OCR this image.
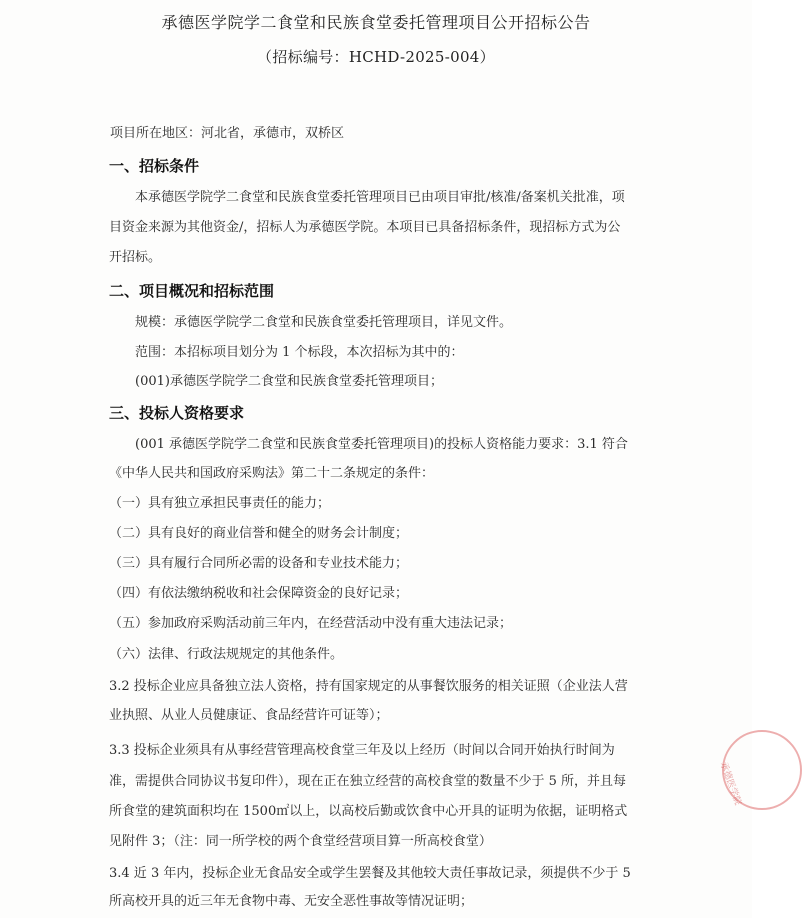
承德医学院学二食堂和民族食堂委托管理项目公开招标公告
（招标编号：HCHD-2025-004）
项目所在地区：河北省，承德市，双桥区
一、招标条件
本承德医学院学二食堂和民族食堂委托管理项目已由项目审批/核准/备案机关批准，项
目资金来源为其他资金/，招标人为承德医学院。本项目已具备招标条件，现招标方式为公
开招标。
二、项目概况和招标范围
规模：承德医学院学二食堂和民族食堂委托管理项目，详见文件。
范围：本招标项目划分为 1 个标段，本次招标为其中的：
(001)承德医学院学二食堂和民族食堂委托管理项目；
三、投标人资格要求
(001 承德医学院学二食堂和民族食堂委托管理项目)的投标人资格能力要求：3.1 符合
《中华人民共和国政府采购法》第二十二条规定的条件：
（一）具有独立承担民事责任的能力；
（二）具有良好的商业信誉和健全的财务会计制度；
（三）具有履行合同所必需的设备和专业技术能力；
（四）有依法缴纳税收和社会保障资金的良好记录；
（五）参加政府采购活动前三年内，在经营活动中没有重大违法记录；
（六）法律、行政法规规定的其他条件。
3.2 投标企业应具备独立法人资格，持有国家规定的从事餐饮服务的相关证照（企业法人营
业执照、从业人员健康证、食品经营许可证等）；
3.3 投标企业须具有从事经营管理高校食堂三年及以上经历（时间以合同开始执行时间为
准，需提供合同协议书复印件），现在正在独立经营的高校食堂的数量不少于 5 所，并且每
所食堂的建筑面积均在 1500㎡以上，以高校后勤或饮食中心开具的证明为依据，证明格式
见附件 3；（注：同一所学校的两个食堂经营项目算一所高校食堂）
3.4 近 3 年内，投标企业无食品安全或学生罢餐及其他较大责任事故记录，须提供不少于 5
所高校开具的近三年无食物中毒、无安全恶性事故等情况证明；
承德医学院
